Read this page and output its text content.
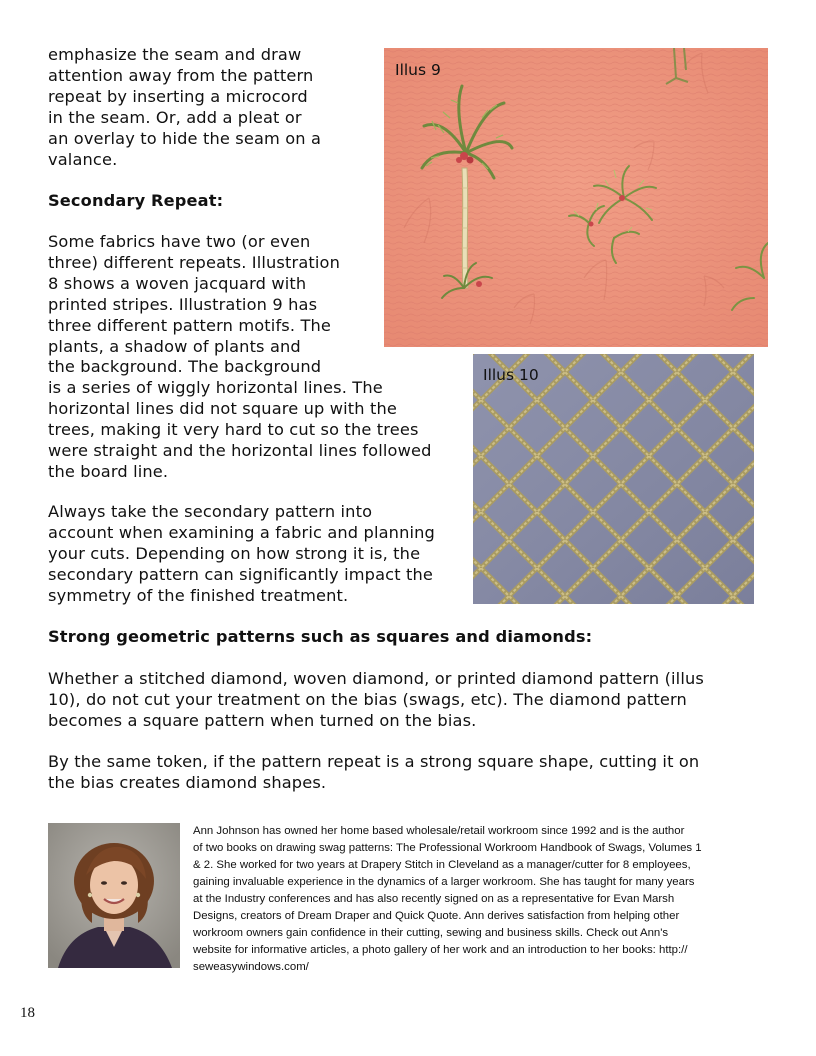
emphasize the seam and draw
attention away from the pattern
repeat by inserting a microcord
in the seam. Or, add a pleat or
an overlay to hide the seam on a
valance.
Secondary Repeat:
Some fabrics have two (or even
three) different repeats. Illustration
8 shows a woven jacquard with
printed stripes. Illustration 9 has
three different pattern motifs. The
plants, a shadow of plants and
the background. The background
is a series of wiggly horizontal lines. The
horizontal lines did not square up with the
trees, making it very hard to cut so the trees
were straight and the horizontal lines followed
the board line.
Always take the secondary pattern into
account when examining a fabric and planning
your cuts. Depending on how strong it is, the
secondary pattern can significantly impact the
symmetry of the finished treatment.
Strong geometric patterns such as squares and diamonds:
Whether a stitched diamond, woven diamond, or printed diamond pattern (illus
10), do not cut your treatment on the bias (swags, etc). The diamond pattern
becomes a square pattern when turned on the bias.
By the same token, if the pattern repeat is a strong square shape, cutting it on
the bias creates diamond shapes.
Illus 9
Illus 10
Ann Johnson has owned her home based wholesale/retail workroom since 1992 and is the author
of two books on drawing swag patterns: The Professional Workroom Handbook of Swags, Volumes 1
& 2. She worked for two years at Drapery Stitch in Cleveland as a manager/cutter for 8 employees,
gaining invaluable experience in the dynamics of a larger workroom. She has taught for many years
at the Industry conferences and has also recently signed on as a representative for Evan Marsh
Designs, creators of Dream Draper and Quick Quote. Ann derives satisfaction from helping other
workroom owners gain confidence in their cutting, sewing and business skills. Check out Ann's
website for informative articles, a photo gallery of her work and an introduction to her books: http://
seweasywindows.com/
18
